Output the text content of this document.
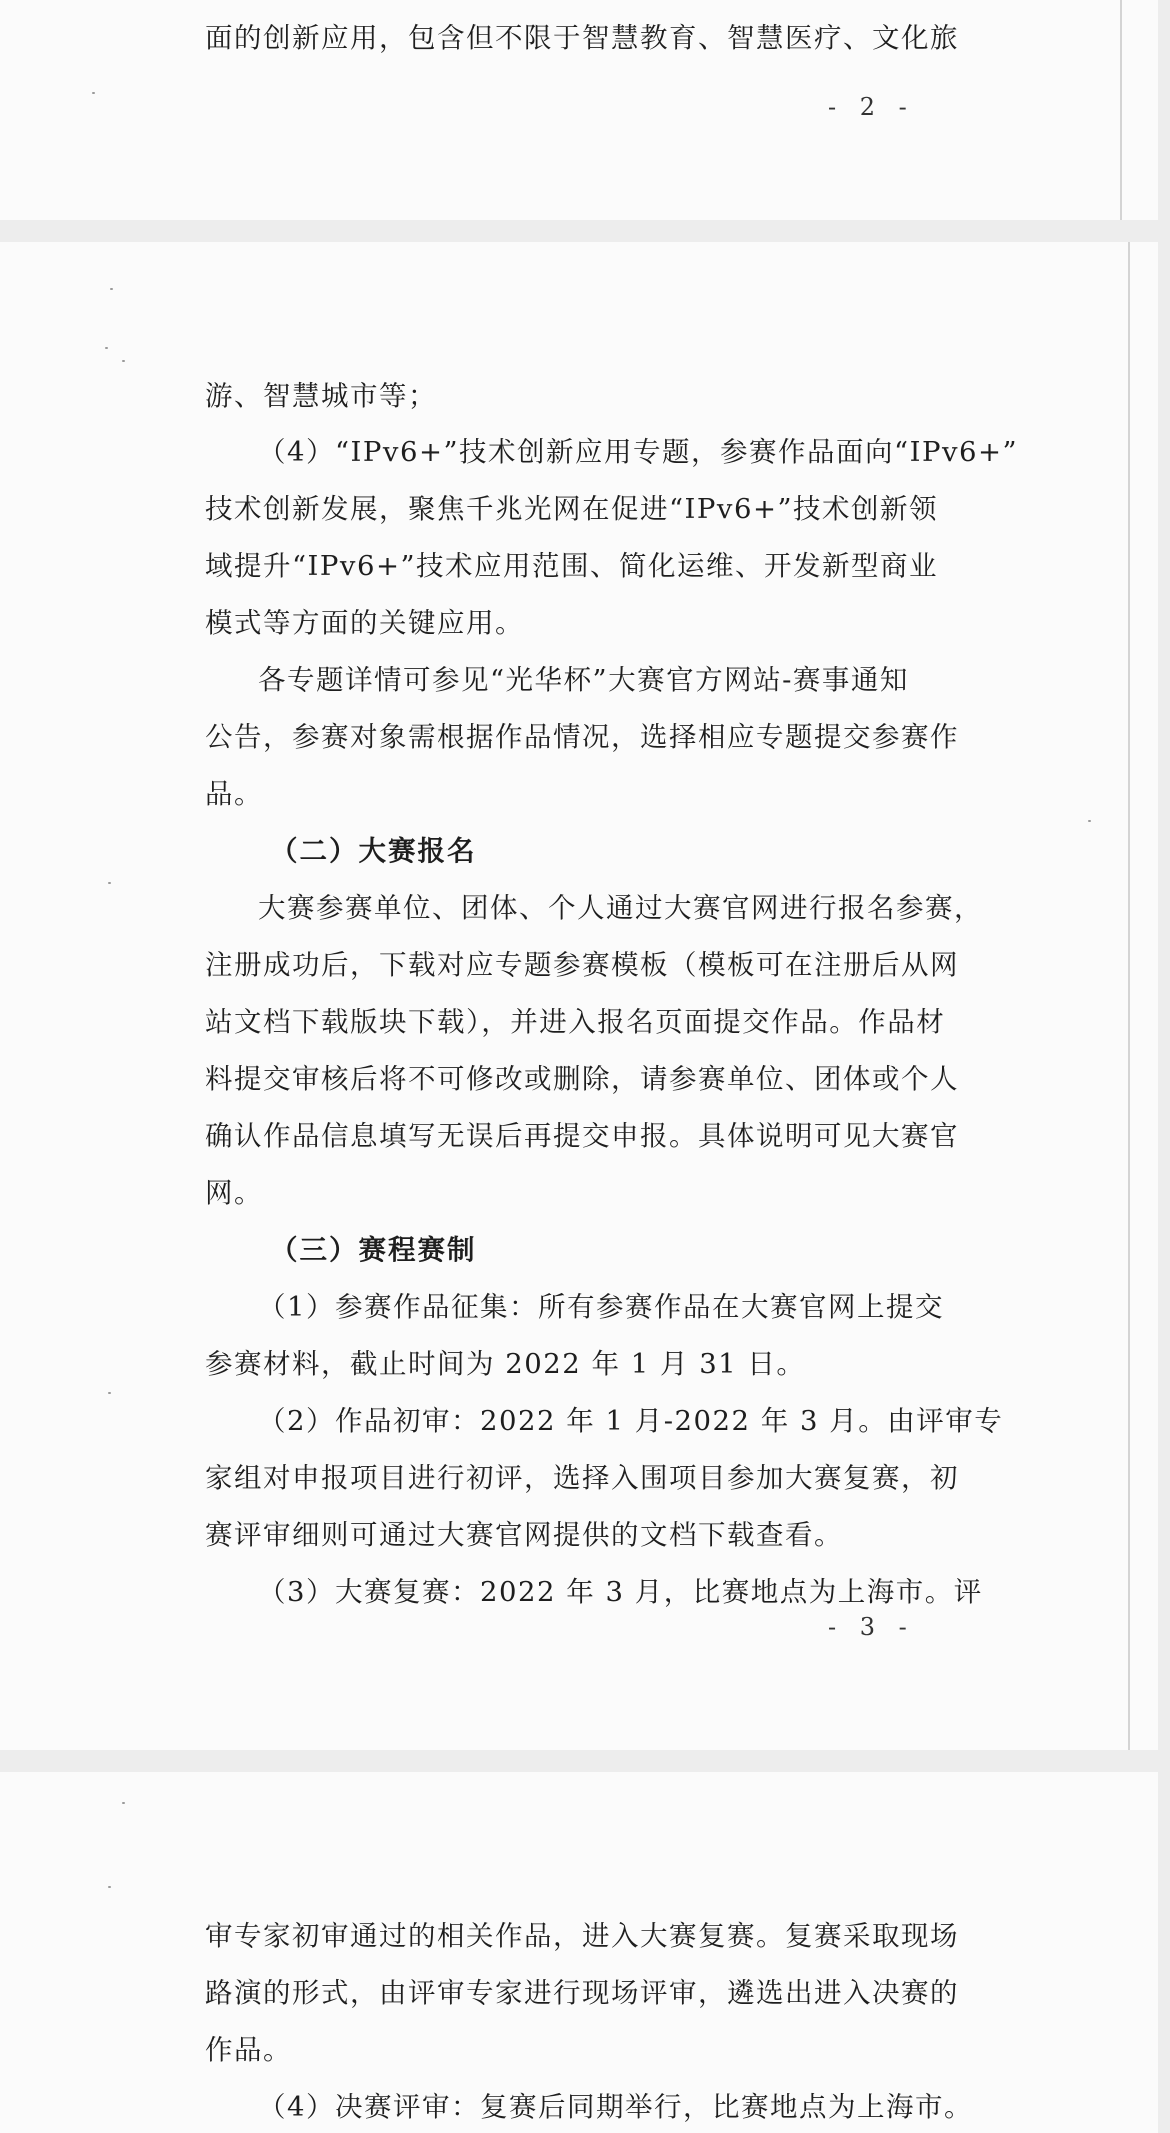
面的创新应用，包含但不限于智慧教育、智慧医疗、文化旅
- 2 -
游、智慧城市等；
（4）“IPv6+”技术创新应用专题，参赛作品面向“IPv6+”
技术创新发展，聚焦千兆光网在促进“IPv6+”技术创新领
域提升“IPv6+”技术应用范围、简化运维、开发新型商业
模式等方面的关键应用。
各专题详情可参见“光华杯”大赛官方网站-赛事通知
公告，参赛对象需根据作品情况，选择相应专题提交参赛作
品。
（二）大赛报名
大赛参赛单位、团体、个人通过大赛官网进行报名参赛，
注册成功后，下载对应专题参赛模板（模板可在注册后从网
站文档下载版块下载），并进入报名页面提交作品。作品材
料提交审核后将不可修改或删除，请参赛单位、团体或个人
确认作品信息填写无误后再提交申报。具体说明可见大赛官
网。
（三）赛程赛制
（1）参赛作品征集：所有参赛作品在大赛官网上提交
参赛材料，截止时间为 2022 年 1 月 31 日。
（2）作品初审：2022 年 1 月-2022 年 3 月。由评审专
家组对申报项目进行初评，选择入围项目参加大赛复赛，初
赛评审细则可通过大赛官网提供的文档下载查看。
（3）大赛复赛：2022 年 3 月，比赛地点为上海市。评
- 3 -
审专家初审通过的相关作品，进入大赛复赛。复赛采取现场
路演的形式，由评审专家进行现场评审，遴选出进入决赛的
作品。
（4）决赛评审：复赛后同期举行，比赛地点为上海市。
